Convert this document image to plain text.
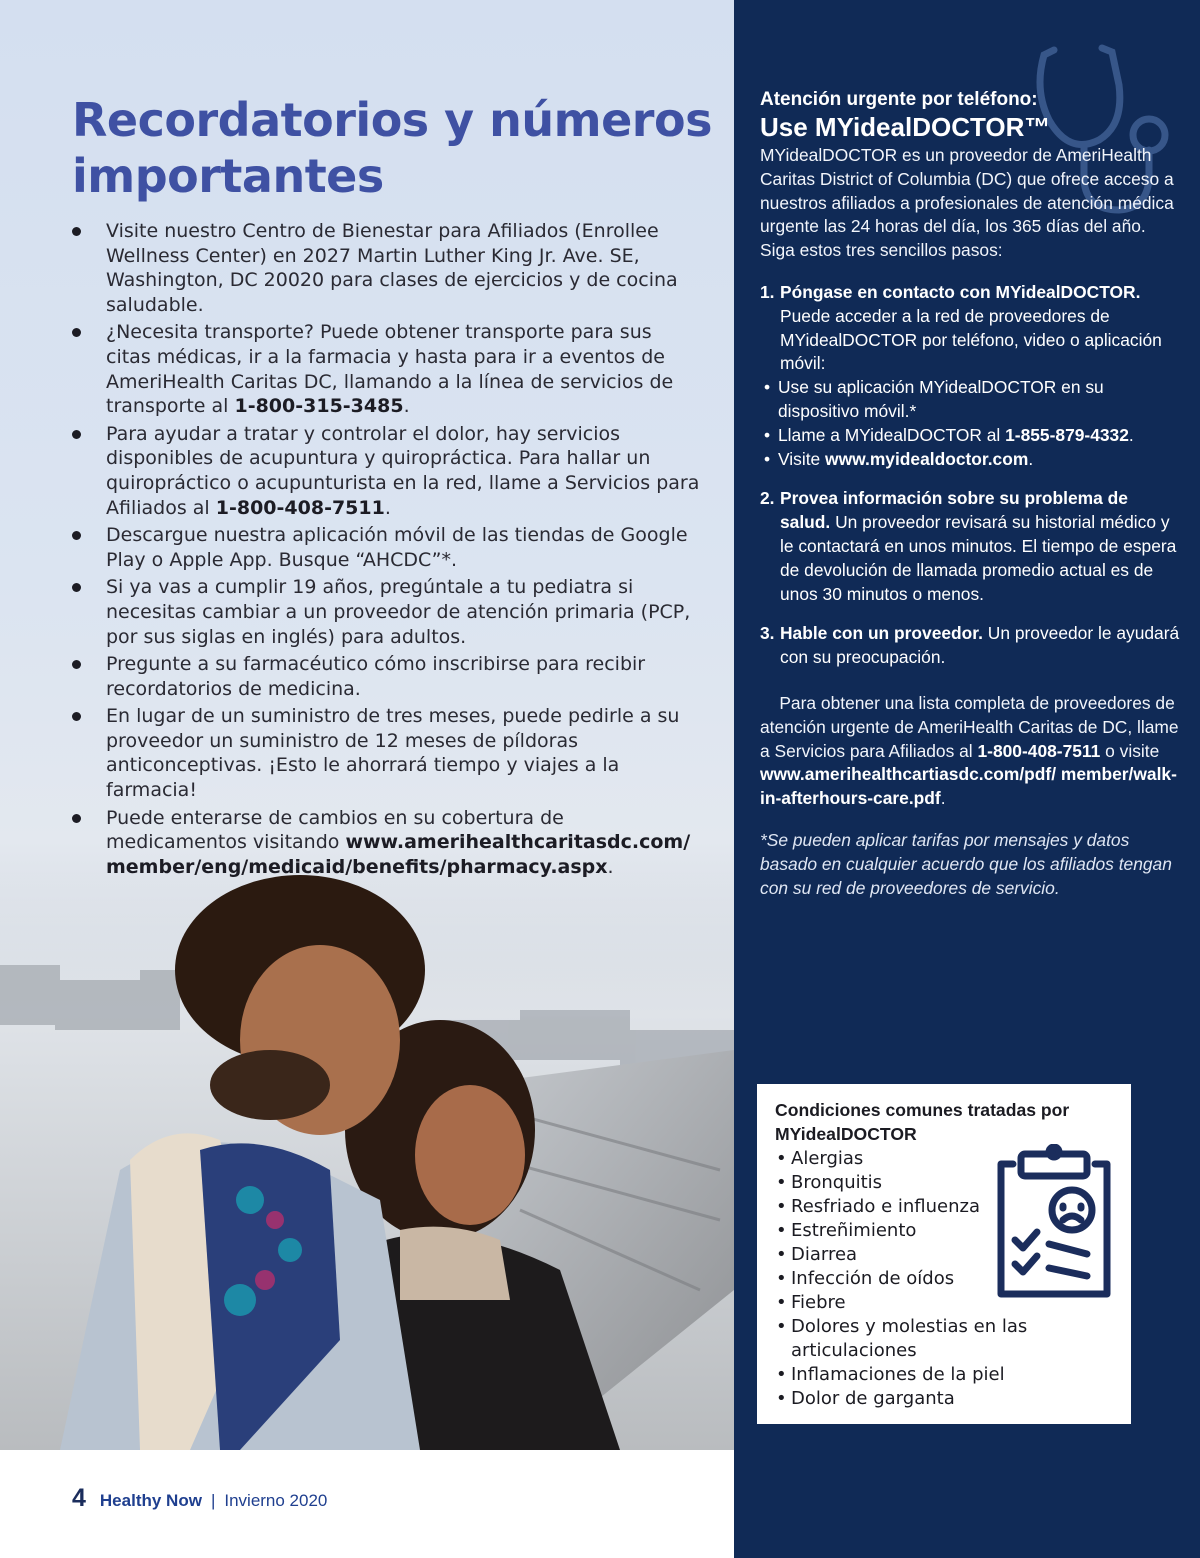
Recordatorios y números importantes
Visite nuestro Centro de Bienestar para Afiliados (Enrollee Wellness Center) en 2027 Martin Luther King Jr. Ave. SE, Washington, DC 20020 para clases de ejercicios y de cocina saludable.
¿Necesita transporte? Puede obtener transporte para sus citas médicas, ir a la farmacia y hasta para ir a eventos de AmeriHealth Caritas DC, llamando a la línea de servicios de transporte al 1-800-315-3485.
Para ayudar a tratar y controlar el dolor, hay servicios disponibles de acupuntura y quiropráctica. Para hallar un quiropráctico o acupunturista en la red, llame a Servicios para Afiliados al 1-800-408-7511.
Descargue nuestra aplicación móvil de las tiendas de Google Play o Apple App. Busque “AHCDC”*.
Si ya vas a cumplir 19 años, pregúntale a tu pediatra si necesitas cambiar a un proveedor de atención primaria (PCP, por sus siglas en inglés) para adultos.
Pregunte a su farmacéutico cómo inscribirse para recibir recordatorios de medicina.
En lugar de un suministro de tres meses, puede pedirle a su proveedor un suministro de 12 meses de píldoras anticonceptivas. ¡Esto le ahorrará tiempo y viajes a la farmacia!
Puede enterarse de cambios en su cobertura de medicamentos visitando www.amerihealthcaritasdc.com/ member/eng/medicaid/benefits/pharmacy.aspx.

Atención urgente por teléfono:

Use MYidealDOCTOR™

MYidealDOCTOR es un proveedor de AmeriHealth Caritas District of Columbia (DC) que ofrece acceso a nuestros afiliados a profesionales de atención médica urgente las 24 horas del día, los 365 días del año. Siga estos tres sencillos pasos:

1. Póngase en contacto con MYidealDOCTOR. Puede acceder a la red de proveedores de MYidealDOCTOR por teléfono, video o aplicación móvil:
• Use su aplicación MYidealDOCTOR en su dispositivo móvil.*
• Llame a MYidealDOCTOR al 1-855-879-4332.
• Visite www.myidealdoctor.com.
2. Provea información sobre su problema de salud. Un proveedor revisará su historial médico y le contactará en unos minutos. El tiempo de espera de devolución de llamada promedio actual es de unos 30 minutos o menos.
3. Hable con un proveedor. Un proveedor le ayudará con su preocupación.

Para obtener una lista completa de proveedores de atención urgente de AmeriHealth Caritas de DC, llame a Servicios para Afiliados al 1-800-408-7511 o visite www.amerihealthcartiasdc.com/pdf/ member/walk-in-afterhours-care.pdf.

*Se pueden aplicar tarifas por mensajes y datos basado en cualquier acuerdo que los afiliados tengan con su red de proveedores de servicio.

Condiciones comunes tratadas por MYidealDOCTOR

• Alergias
• Bronquitis
• Resfriado e influenza
• Estreñimiento
• Diarrea
• Infección de oídos
• Fiebre
• Dolores y molestias en las articulaciones
• Inflamaciones de la piel
• Dolor de garganta
4 Healthy Now | Invierno 2020
